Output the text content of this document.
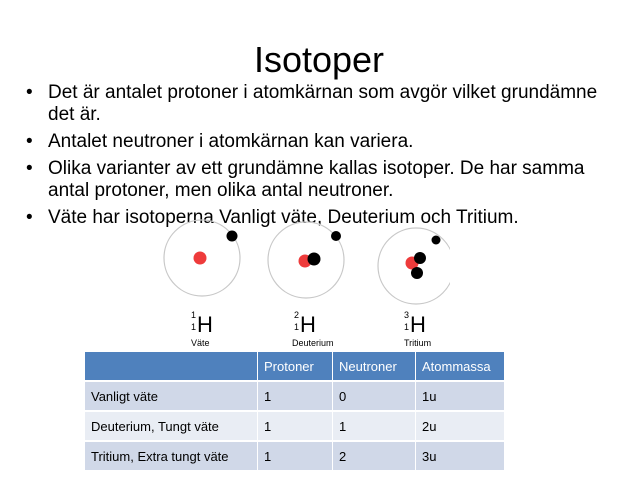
Isotoper
• Det är antalet protoner i atomkärnan som avgör vilket grundämne det är.
• Antalet neutroner i atomkärnan kan variera.
• Olika varianter av ett grundämne kallas isotoper. De har samma antal protoner, men olika antal neutroner.
• Väte har isotoperna Vanligt väte, Deuterium och Tritium.
1
1 H
Väte
2
1 H
Deuterium
3
1 H
Tritium
	Protoner	Neutroner	Atommassa
Vanligt väte	1	0	1u
Deuterium, Tungt väte	1	1	2u
Tritium, Extra tungt väte	1	2	3u
